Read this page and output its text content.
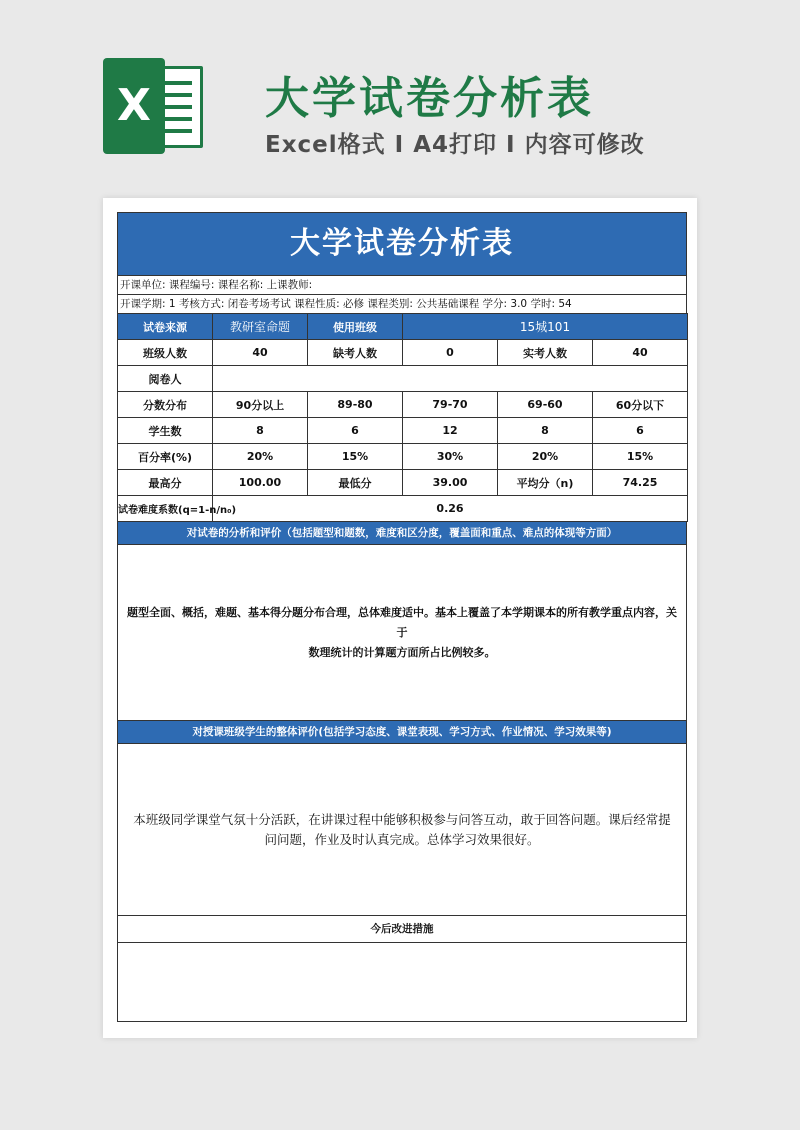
X	大学试卷分析表
Excel格式 I A4打印 I 内容可修改
大学试卷分析表
开课单位: 课程编号: 课程名称: 上课教师:
开课学期: 1 考核方式: 闭卷考场考试 课程性质: 必修 课程类别: 公共基础课程 学分: 3.0 学时: 54
试卷来源	教研室命题	使用班级	15城101		
班级人数	40	缺考人数	0	实考人数	40
阅卷人					
分数分布	90分以上	89-80	79-70	69-60	60分以下
学生数	8	6	12	8	6
百分率(%)	20%	15%	30%	20%	15%
最高分	100.00	最低分	39.00	平均分（n)	74.25
试卷难度系数(q=1-n/n₀)	0.26				
对试卷的分析和评价（包括题型和题数，难度和区分度，覆盖面和重点、难点的体现等方面）
题型全面、概括，难题、基本得分题分布合理，总体难度适中。基本上覆盖了本学期课本的所有教学重点内容，关于
数理统计的计算题方面所占比例较多。
对授课班级学生的整体评价(包括学习态度、课堂表现、学习方式、作业情况、学习效果等)
本班级同学课堂气氛十分活跃，在讲课过程中能够积极参与问答互动，敢于回答问题。课后经常提
问问题，作业及时认真完成。总体学习效果很好。
今后改进措施
